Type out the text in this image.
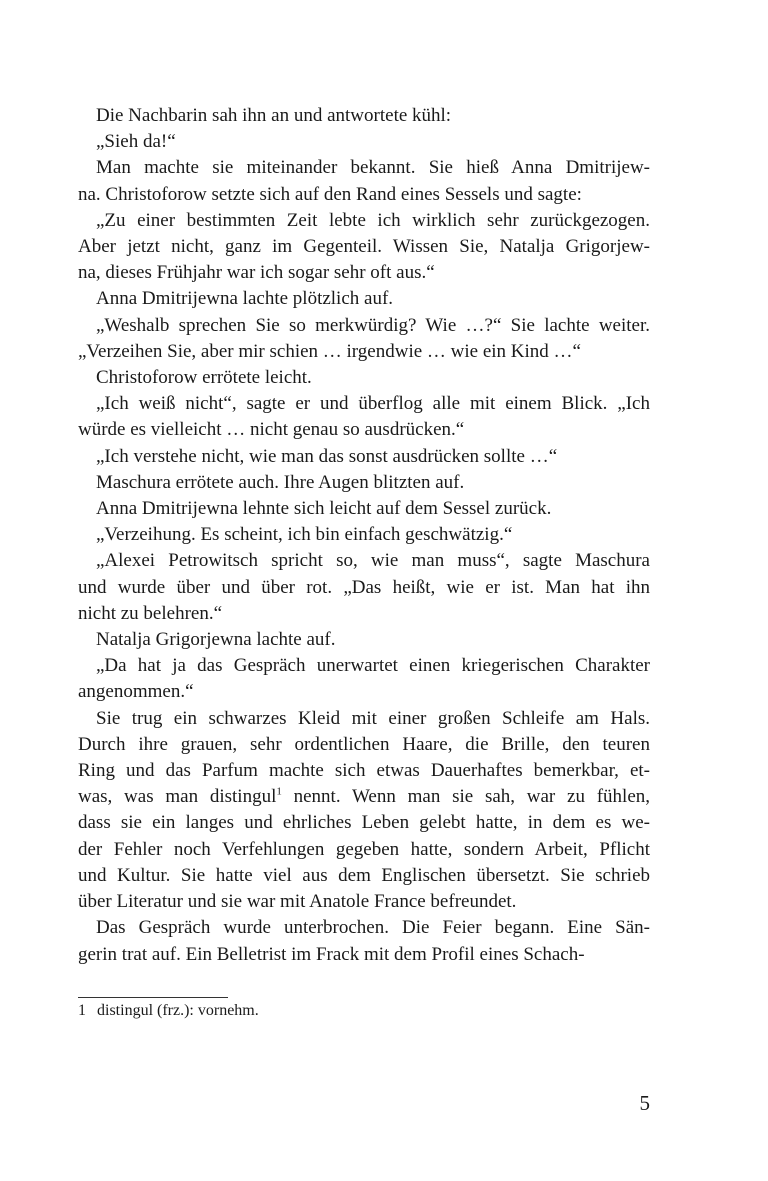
Die Nachbarin sah ihn an und antwortete kühl:
„Sieh da!“
Man machte sie miteinander bekannt. Sie hieß Anna Dmitrijew-
na. Christoforow setzte sich auf den Rand eines Sessels und sagte:
„Zu einer bestimmten Zeit lebte ich wirklich sehr zurückgezogen.
Aber jetzt nicht, ganz im Gegenteil. Wissen Sie, Natalja Grigorjew-
na, dieses Frühjahr war ich sogar sehr oft aus.“
Anna Dmitrijewna lachte plötzlich auf.
„Weshalb sprechen Sie so merkwürdig? Wie …?“ Sie lachte weiter.
„Verzeihen Sie, aber mir schien … irgendwie … wie ein Kind …“
Christoforow errötete leicht.
„Ich weiß nicht“, sagte er und überflog alle mit einem Blick. „Ich
würde es vielleicht … nicht genau so ausdrücken.“
„Ich verstehe nicht, wie man das sonst ausdrücken sollte …“
Maschura errötete auch. Ihre Augen blitzten auf.
Anna Dmitrijewna lehnte sich leicht auf dem Sessel zurück.
„Verzeihung. Es scheint, ich bin einfach geschwätzig.“
„Alexei Petrowitsch spricht so, wie man muss“, sagte Maschura
und wurde über und über rot. „Das heißt, wie er ist. Man hat ihn
nicht zu belehren.“
Natalja Grigorjewna lachte auf.
„Da hat ja das Gespräch unerwartet einen kriegerischen Charakter
angenommen.“
Sie trug ein schwarzes Kleid mit einer großen Schleife am Hals.
Durch ihre grauen, sehr ordentlichen Haare, die Brille, den teuren
Ring und das Parfum machte sich etwas Dauerhaftes bemerkbar, et-
was, was man distingul$^1$ nennt. Wenn man sie sah, war zu fühlen,
dass sie ein langes und ehrliches Leben gelebt hatte, in dem es we-
der Fehler noch Verfehlungen gegeben hatte, sondern Arbeit, Pflicht
und Kultur. Sie hatte viel aus dem Englischen übersetzt. Sie schrieb
über Literatur und sie war mit Anatole France befreundet.
Das Gespräch wurde unterbrochen. Die Feier begann. Eine Sän-
gerin trat auf. Ein Belletrist im Frack mit dem Profil eines Schach-
1 distingul (frz.): vornehm.
5
